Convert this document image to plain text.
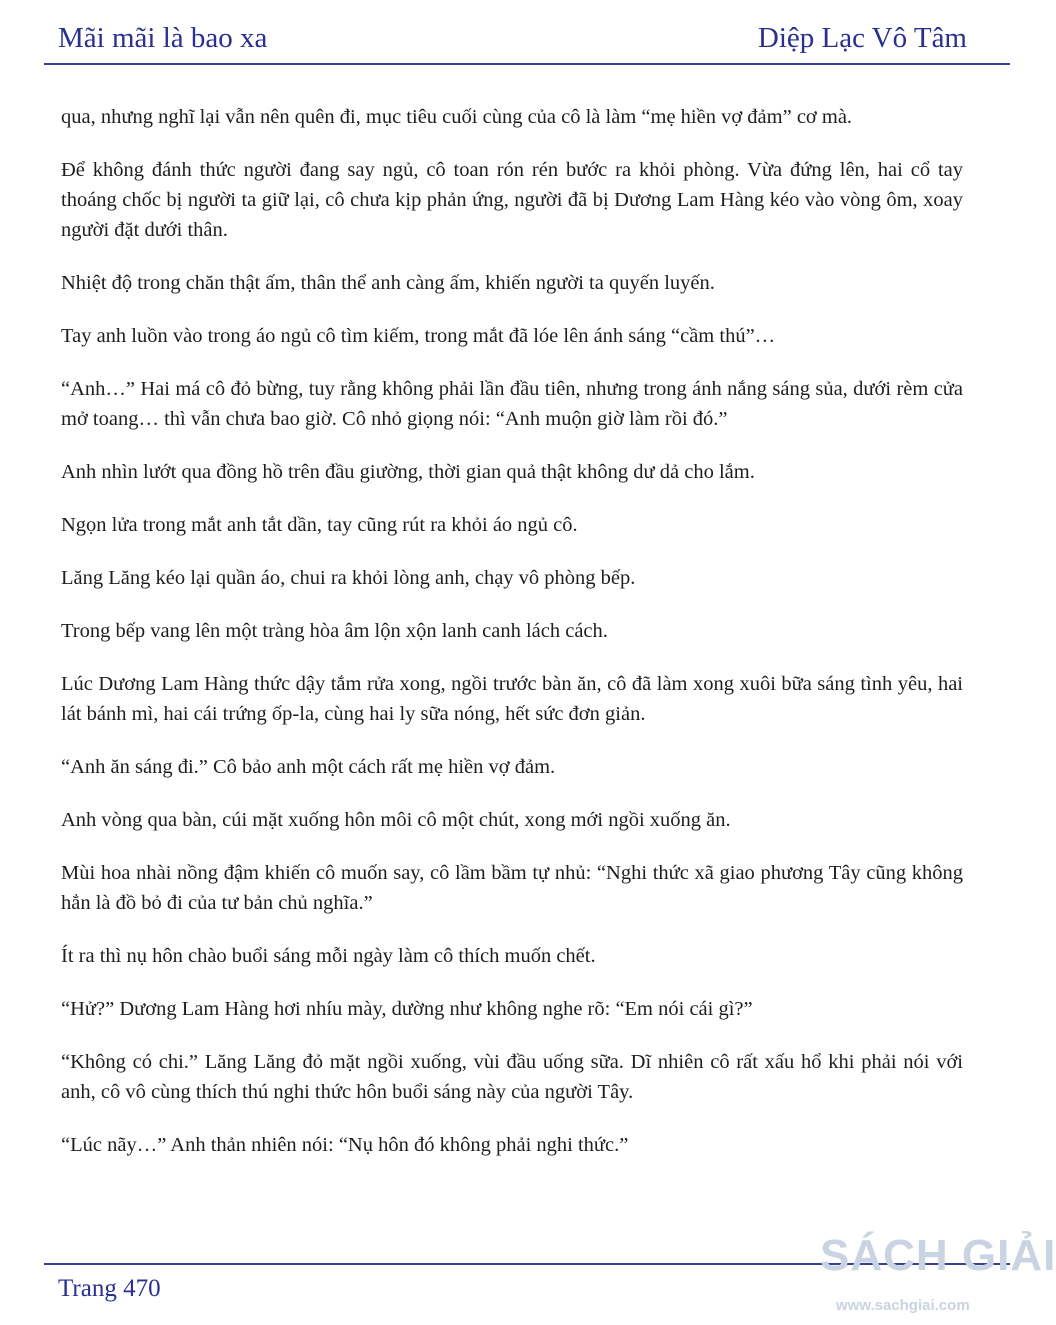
Mãi mãi là bao xa	Diệp Lạc Vô Tâm

qua, nhưng nghĩ lại vẫn nên quên đi, mục tiêu cuối cùng của cô là làm “mẹ hiền vợ đảm” cơ mà.

Để không đánh thức người đang say ngủ, cô toan rón rén bước ra khỏi phòng. Vừa đứng lên, hai cổ tay thoáng chốc bị người ta giữ lại, cô chưa kịp phản ứng, người đã bị Dương Lam Hàng kéo vào vòng ôm, xoay người đặt dưới thân.

Nhiệt độ trong chăn thật ấm, thân thể anh càng ấm, khiến người ta quyến luyến.

Tay anh luồn vào trong áo ngủ cô tìm kiếm, trong mắt đã lóe lên ánh sáng “cầm thú”…

“Anh…” Hai má cô đỏ bừng, tuy rằng không phải lần đầu tiên, nhưng trong ánh nắng sáng sủa, dưới rèm cửa mở toang… thì vẫn chưa bao giờ. Cô nhỏ giọng nói: “Anh muộn giờ làm rồi đó.”

Anh nhìn lướt qua đồng hồ trên đầu giường, thời gian quả thật không dư dả cho lắm.

Ngọn lửa trong mắt anh tắt dần, tay cũng rút ra khỏi áo ngủ cô.

Lăng Lăng kéo lại quần áo, chui ra khỏi lòng anh, chạy vô phòng bếp.

Trong bếp vang lên một tràng hòa âm lộn xộn lanh canh lách cách.

Lúc Dương Lam Hàng thức dậy tắm rửa xong, ngồi trước bàn ăn, cô đã làm xong xuôi bữa sáng tình yêu, hai lát bánh mì, hai cái trứng ốp-la, cùng hai ly sữa nóng, hết sức đơn giản.

“Anh ăn sáng đi.” Cô bảo anh một cách rất mẹ hiền vợ đảm.

Anh vòng qua bàn, cúi mặt xuống hôn môi cô một chút, xong mới ngồi xuống ăn.

Mùi hoa nhài nồng đậm khiến cô muốn say, cô lầm bầm tự nhủ: “Nghi thức xã giao phương Tây cũng không hẳn là đồ bỏ đi của tư bản chủ nghĩa.”

Ít ra thì nụ hôn chào buổi sáng mỗi ngày làm cô thích muốn chết.

“Hử?” Dương Lam Hàng hơi nhíu mày, dường như không nghe rõ: “Em nói cái gì?”

“Không có chi.” Lăng Lăng đỏ mặt ngồi xuống, vùi đầu uống sữa. Dĩ nhiên cô rất xấu hổ khi phải nói với anh, cô vô cùng thích thú nghi thức hôn buổi sáng này của người Tây.

“Lúc nãy…” Anh thản nhiên nói: “Nụ hôn đó không phải nghi thức.”

Trang 470
SÁCH GIẢI
www.sachgiai.com
